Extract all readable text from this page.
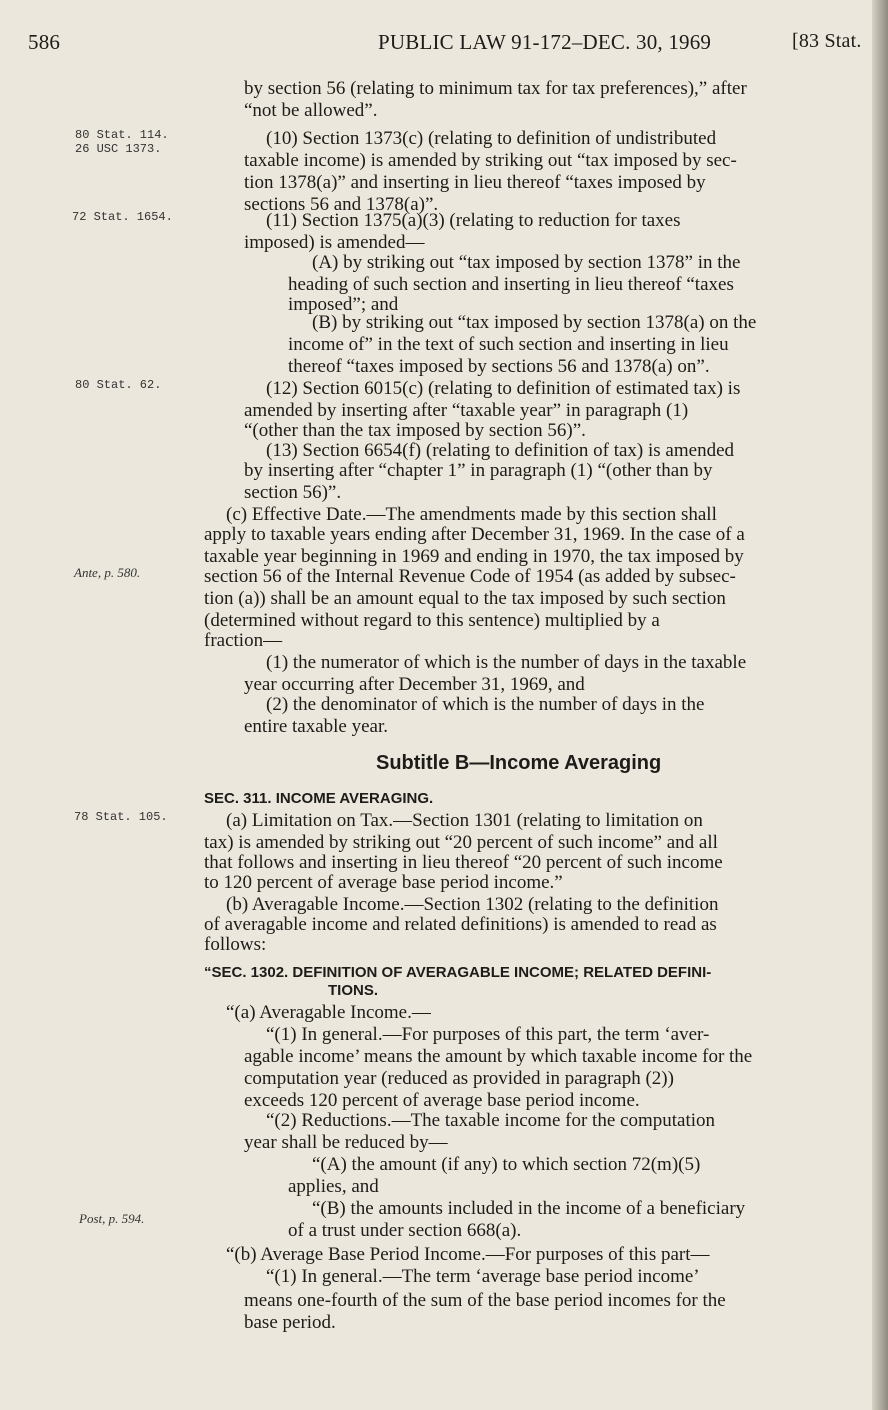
586	PUBLIC LAW 91-172–DEC. 30, 1969	[83 Stat.
80 Stat. 114.
26 USC 1373.
72 Stat. 1654.
80 Stat. 62.
Ante, p. 580.
78 Stat. 105.
Post, p. 594.
by section 56 (relating to minimum tax for tax preferences),” after
“not be allowed”.
(10) Section 1373(c) (relating to definition of undistributed
taxable income) is amended by striking out “tax imposed by sec-
tion 1378(a)” and inserting in lieu thereof “taxes imposed by
sections 56 and 1378(a)”.
(11) Section 1375(a)(3) (relating to reduction for taxes
imposed) is amended—
(A) by striking out “tax imposed by section 1378” in the
heading of such section and inserting in lieu thereof “taxes
imposed”; and
(B) by striking out “tax imposed by section 1378(a) on the
income of” in the text of such section and inserting in lieu
thereof “taxes imposed by sections 56 and 1378(a) on”.
(12) Section 6015(c) (relating to definition of estimated tax) is
amended by inserting after “taxable year” in paragraph (1)
“(other than the tax imposed by section 56)”.
(13) Section 6654(f) (relating to definition of tax) is amended
by inserting after “chapter 1” in paragraph (1) “(other than by
section 56)”.
(c) Effective Date.—The amendments made by this section shall
apply to taxable years ending after December 31, 1969. In the case of a
taxable year beginning in 1969 and ending in 1970, the tax imposed by
section 56 of the Internal Revenue Code of 1954 (as added by subsec-
tion (a)) shall be an amount equal to the tax imposed by such section
(determined without regard to this sentence) multiplied by a
fraction—
(1) the numerator of which is the number of days in the taxable
year occurring after December 31, 1969, and
(2) the denominator of which is the number of days in the
entire taxable year.
Subtitle B—Income Averaging
SEC. 311. INCOME AVERAGING.
(a) Limitation on Tax.—Section 1301 (relating to limitation on
tax) is amended by striking out “20 percent of such income” and all
that follows and inserting in lieu thereof “20 percent of such income
to 120 percent of average base period income.”
(b) Averagable Income.—Section 1302 (relating to the definition
of averagable income and related definitions) is amended to read as
follows:
“SEC. 1302. DEFINITION OF AVERAGABLE INCOME; RELATED DEFINI-
TIONS.
“(a) Averagable Income.—
“(1) In general.—For purposes of this part, the term ‘aver-
agable income’ means the amount by which taxable income for the
computation year (reduced as provided in paragraph (2))
exceeds 120 percent of average base period income.
“(2) Reductions.—The taxable income for the computation
year shall be reduced by—
“(A) the amount (if any) to which section 72(m)(5)
applies, and
“(B) the amounts included in the income of a beneficiary
of a trust under section 668(a).
“(b) Average Base Period Income.—For purposes of this part—
“(1) In general.—The term ‘average base period income’
means one-fourth of the sum of the base period incomes for the
base period.
